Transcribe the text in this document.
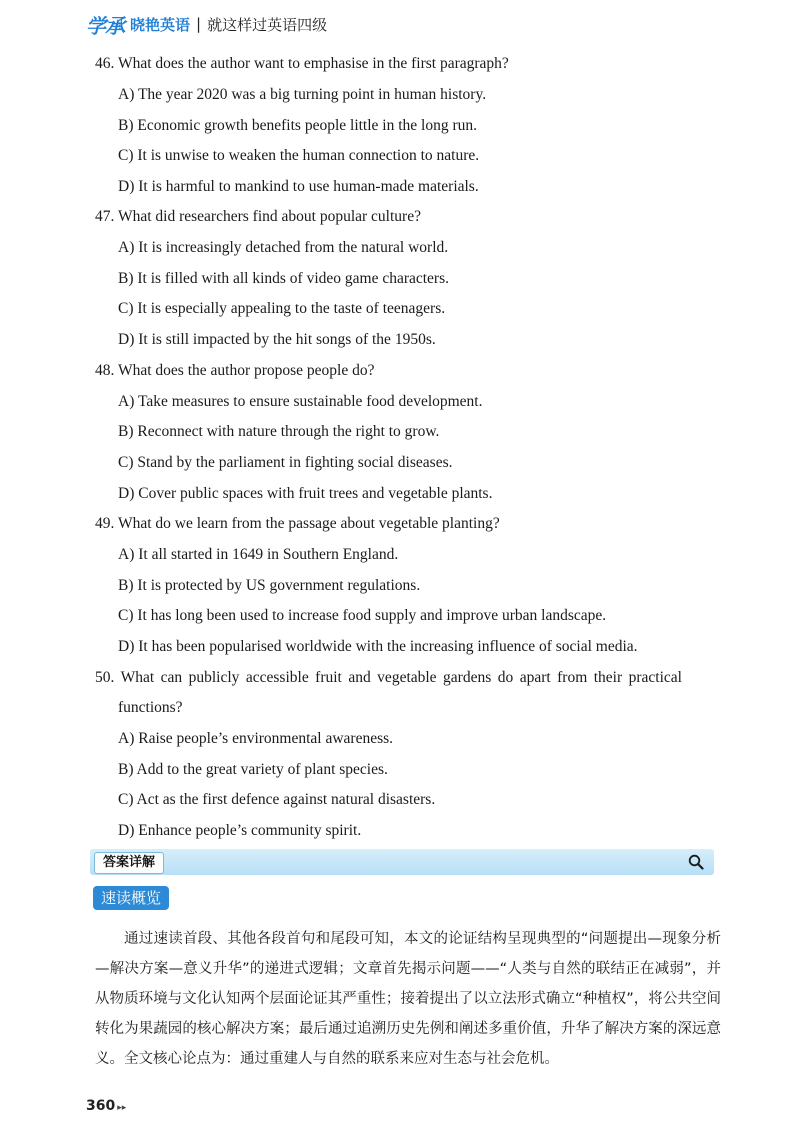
学承 晓艳英语 | 就这样过英语四级
46. What does the author want to emphasise in the first paragraph?
A) The year 2020 was a big turning point in human history.
B) Economic growth benefits people little in the long run.
C) It is unwise to weaken the human connection to nature.
D) It is harmful to mankind to use human-made materials.
47. What did researchers find about popular culture?
A) It is increasingly detached from the natural world.
B) It is filled with all kinds of video game characters.
C) It is especially appealing to the taste of teenagers.
D) It is still impacted by the hit songs of the 1950s.
48. What does the author propose people do?
A) Take measures to ensure sustainable food development.
B) Reconnect with nature through the right to grow.
C) Stand by the parliament in fighting social diseases.
D) Cover public spaces with fruit trees and vegetable plants.
49. What do we learn from the passage about vegetable planting?
A) It all started in 1649 in Southern England.
B) It is protected by US government regulations.
C) It has long been used to increase food supply and improve urban landscape.
D) It has been popularised worldwide with the increasing influence of social media.
50. What can publicly accessible fruit and vegetable gardens do apart from their practical
functions?
A) Raise people’s environmental awareness.
B) Add to the great variety of plant species.
C) Act as the first defence against natural disasters.
D) Enhance people’s community spirit.
答案详解
速读概览
通过速读首段、其他各段首句和尾段可知，本文的论证结构呈现典型的“问题提出—现象分析—解决方案—意义升华”的递进式逻辑；文章首先揭示问题——“人类与自然的联结正在减弱”，并从物质环境与文化认知两个层面论证其严重性；接着提出了以立法形式确立“种植权”，将公共空间转化为果蔬园的核心解决方案；最后通过追溯历史先例和阐述多重价值，升华了解决方案的深远意义。全文核心论点为：通过重建人与自然的联系来应对生态与社会危机。
360 ▸▸
